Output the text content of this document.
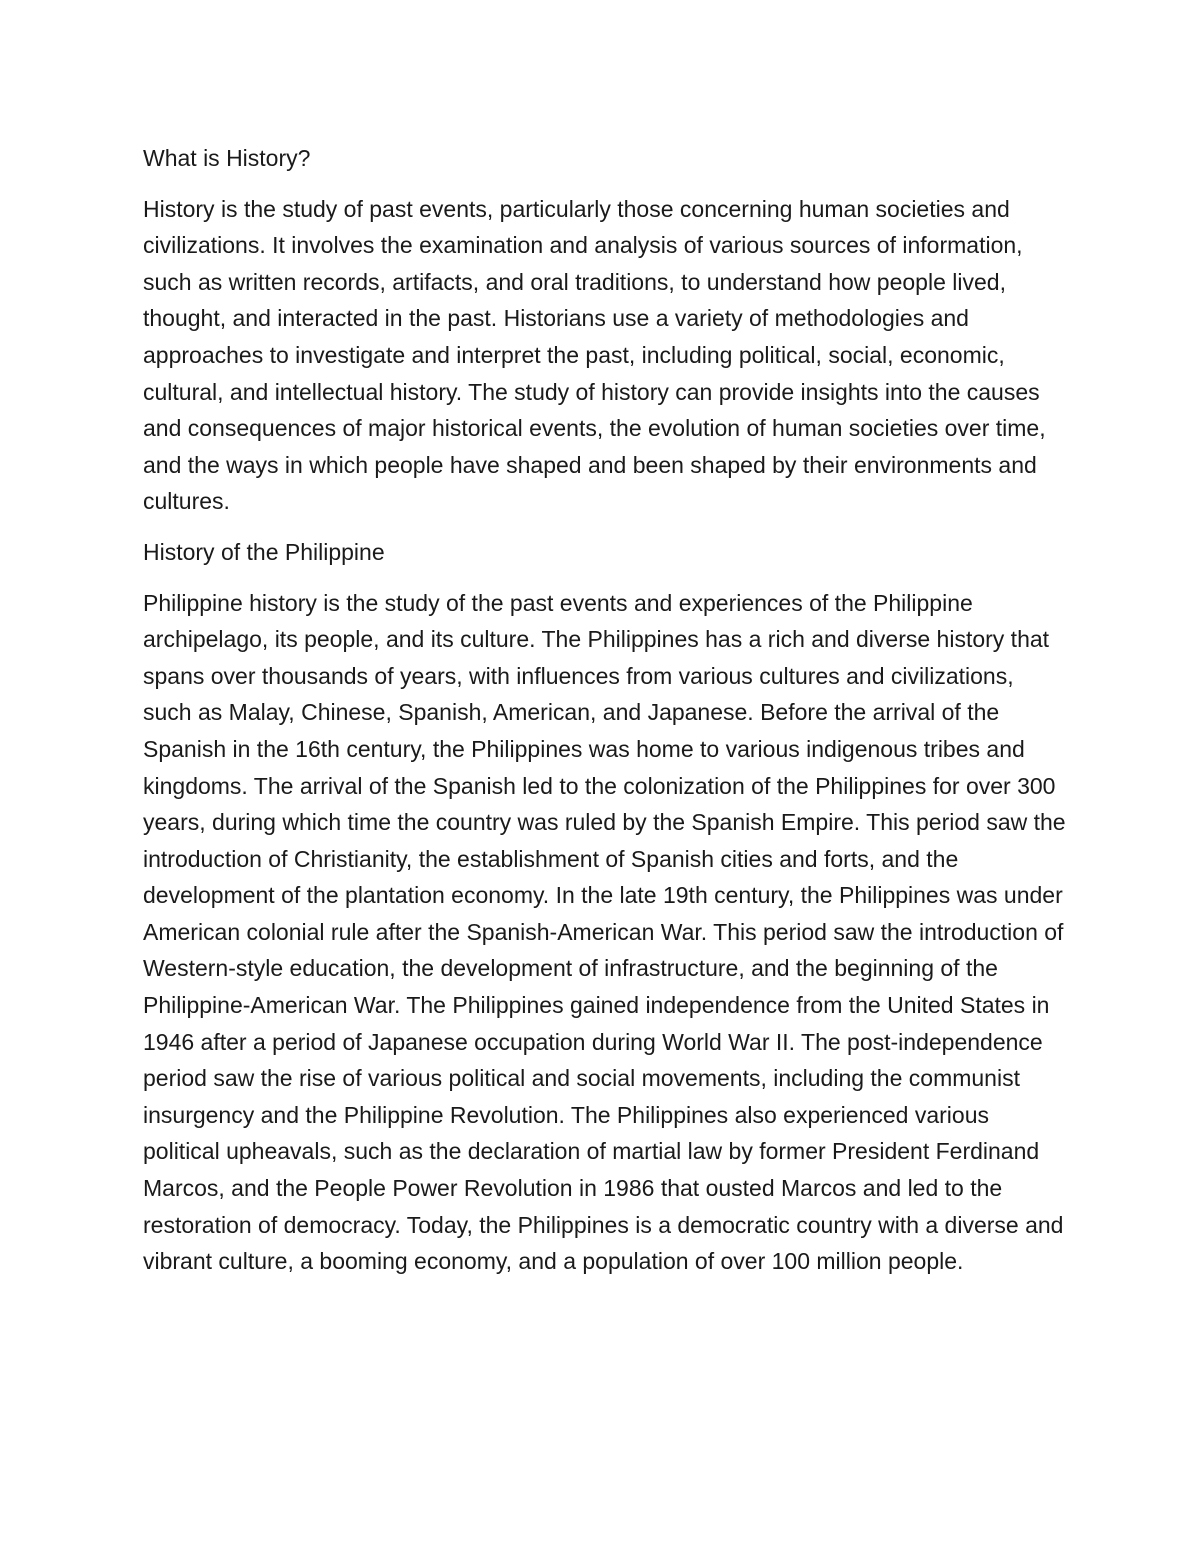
What is History?
History is the study of past events, particularly those concerning human societies and civilizations. It involves the examination and analysis of various sources of information, such as written records, artifacts, and oral traditions, to understand how people lived, thought, and interacted in the past. Historians use a variety of methodologies and approaches to investigate and interpret the past, including political, social, economic, cultural, and intellectual history. The study of history can provide insights into the causes and consequences of major historical events, the evolution of human societies over time, and the ways in which people have shaped and been shaped by their environments and cultures.
History of the Philippine
Philippine history is the study of the past events and experiences of the Philippine archipelago, its people, and its culture. The Philippines has a rich and diverse history that spans over thousands of years, with influences from various cultures and civilizations, such as Malay, Chinese, Spanish, American, and Japanese. Before the arrival of the Spanish in the 16th century, the Philippines was home to various indigenous tribes and kingdoms. The arrival of the Spanish led to the colonization of the Philippines for over 300 years, during which time the country was ruled by the Spanish Empire. This period saw the introduction of Christianity, the establishment of Spanish cities and forts, and the development of the plantation economy. In the late 19th century, the Philippines was under American colonial rule after the Spanish-American War. This period saw the introduction of Western-style education, the development of infrastructure, and the beginning of the Philippine-American War. The Philippines gained independence from the United States in 1946 after a period of Japanese occupation during World War II. The post-independence period saw the rise of various political and social movements, including the communist insurgency and the Philippine Revolution. The Philippines also experienced various political upheavals, such as the declaration of martial law by former President Ferdinand Marcos, and the People Power Revolution in 1986 that ousted Marcos and led to the restoration of democracy. Today, the Philippines is a democratic country with a diverse and vibrant culture, a booming economy, and a population of over 100 million people.
